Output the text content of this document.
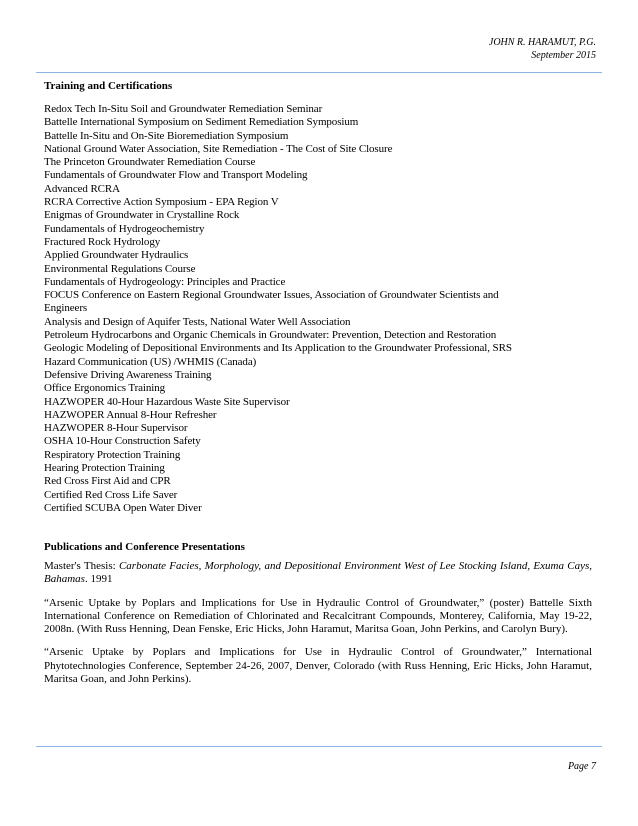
JOHN R. HARAMUT, P.G.
September 2015
Training and Certifications
Redox Tech In-Situ Soil and Groundwater Remediation Seminar
Battelle International Symposium on Sediment Remediation Symposium
Battelle In-Situ and On-Site Bioremediation Symposium
National Ground Water Association, Site Remediation - The Cost of Site Closure
The Princeton Groundwater Remediation Course
Fundamentals of Groundwater Flow and Transport Modeling
Advanced RCRA
RCRA Corrective Action Symposium - EPA Region V
Enigmas of Groundwater in Crystalline Rock
Fundamentals of Hydrogeochemistry
Fractured Rock Hydrology
Applied Groundwater Hydraulics
Environmental Regulations Course
Fundamentals of Hydrogeology: Principles and Practice
FOCUS Conference on Eastern Regional Groundwater Issues, Association of Groundwater Scientists and Engineers
Analysis and Design of Aquifer Tests, National Water Well Association
Petroleum Hydrocarbons and Organic Chemicals in Groundwater: Prevention, Detection and Restoration
Geologic Modeling of Depositional Environments and Its Application to the Groundwater Professional, SRS
Hazard Communication (US) /WHMIS (Canada)
Defensive Driving Awareness Training
Office Ergonomics Training
HAZWOPER 40-Hour Hazardous Waste Site Supervisor
HAZWOPER Annual 8-Hour Refresher
HAZWOPER 8-Hour Supervisor
OSHA 10-Hour Construction Safety
Respiratory Protection Training
Hearing Protection Training
Red Cross First Aid and CPR
Certified Red Cross Life Saver
Certified SCUBA Open Water Diver
Publications and Conference Presentations

Master's Thesis: Carbonate Facies, Morphology, and Depositional Environment West of Lee Stocking Island, Exuma Cays, Bahamas. 1991

“Arsenic Uptake by Poplars and Implications for Use in Hydraulic Control of Groundwater,” (poster) Battelle Sixth International Conference on Remediation of Chlorinated and Recalcitrant Compounds, Monterey, California, May 19-22, 2008n. (With Russ Henning, Dean Fenske, Eric Hicks, John Haramut, Maritsa Goan, John Perkins, and Carolyn Bury).

“Arsenic Uptake by Poplars and Implications for Use in Hydraulic Control of Groundwater,” International Phytotechnologies Conference, September 24-26, 2007, Denver, Colorado (with Russ Henning, Eric Hicks, John Haramut, Maritsa Goan, and John Perkins).

Page 7
